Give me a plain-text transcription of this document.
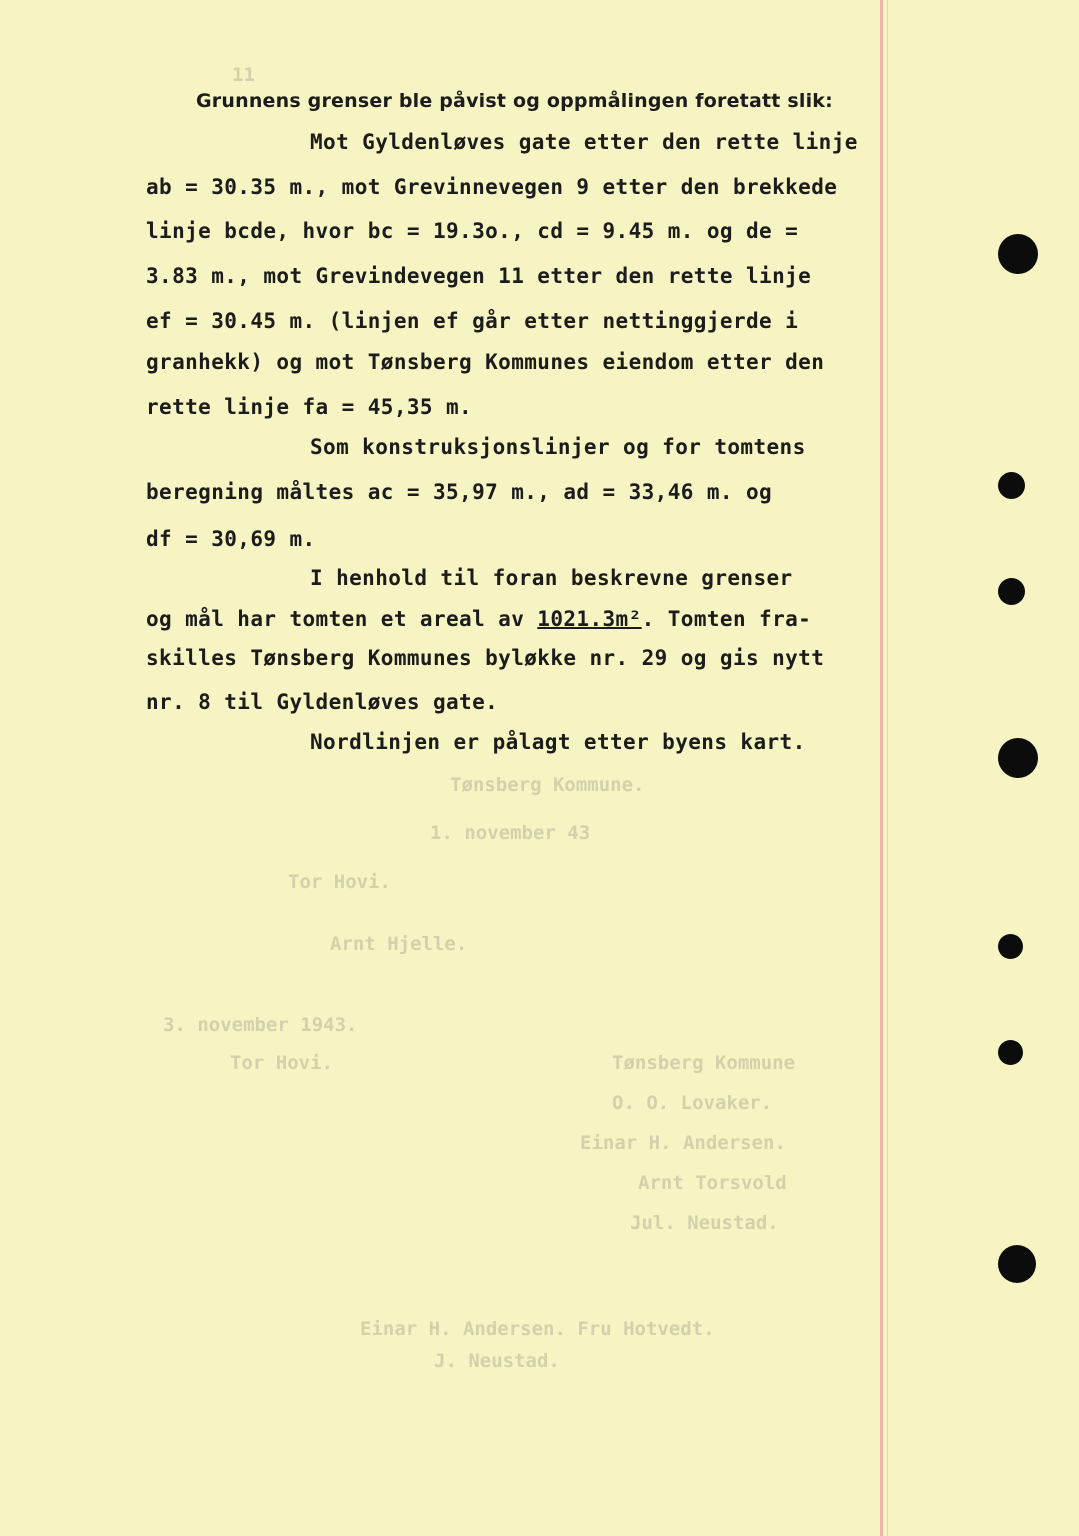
11
Tønsberg Kommune.
1. november 43
Tor Hovi.
Arnt Hjelle.
3. november 1943.
Tønsberg Kommune
Tor Hovi.
O. O. Lovaker.
Einar H. Andersen.
Arnt Torsvold
Jul. Neustad.
Einar H. Andersen. Fru Hotvedt.
J. Neustad.
Grunnens grenser ble påvist og oppmålingen foretatt slik:
Mot Gyldenløves gate etter den rette linje
ab = 30.35 m., mot Grevinnevegen 9 etter den brekkede
linje bcde, hvor bc = 19.3o., cd = 9.45 m. og de =
3.83 m., mot Grevindevegen 11 etter den rette linje
ef = 30.45 m. (linjen ef går etter nettinggjerde i
granhekk) og mot Tønsberg Kommunes eiendom etter den
rette linje fa = 45,35 m.
Som konstruksjonslinjer og for tomtens
beregning måltes ac = 35,97 m., ad = 33,46 m. og
df = 30,69 m.
I henhold til foran beskrevne grenser
og mål har tomten et areal av 1021.3m². Tomten fra-
skilles Tønsberg Kommunes byløkke nr. 29 og gis nytt
nr. 8 til Gyldenløves gate.
Nordlinjen er pålagt etter byens kart.
